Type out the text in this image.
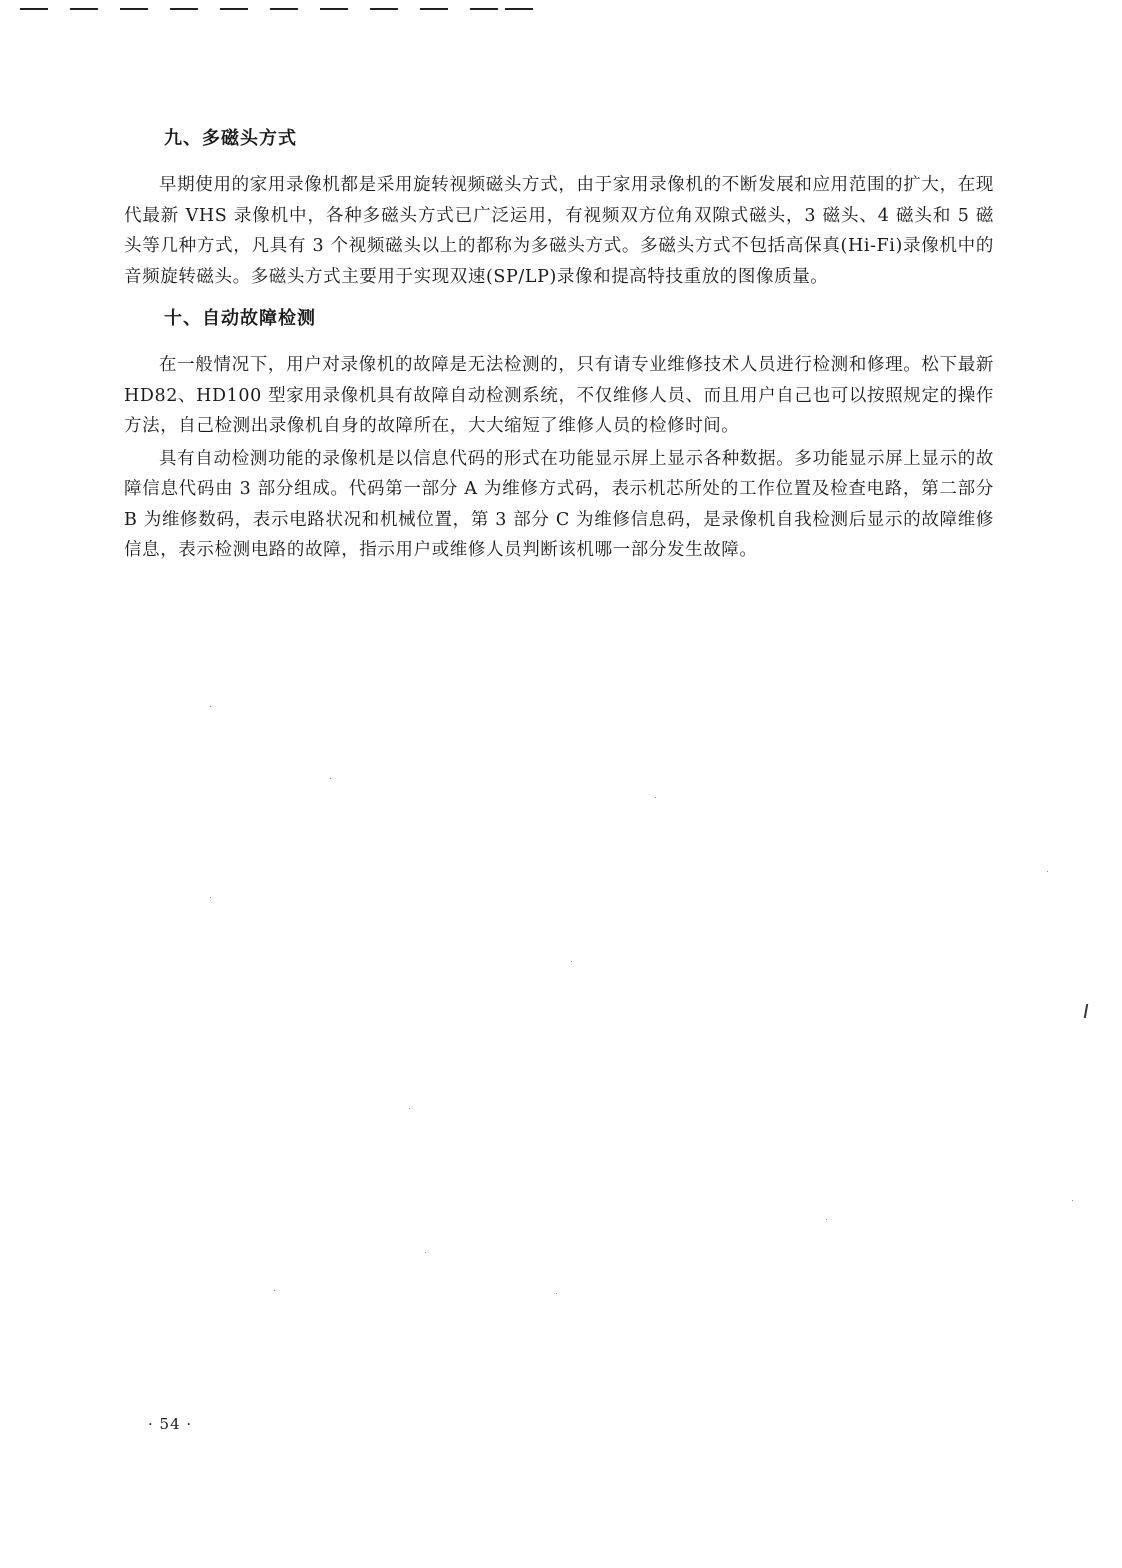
九、多磁头方式

早期使用的家用录像机都是采用旋转视频磁头方式，由于家用录像机的不断发展和应用范围的扩大，在现代最新 VHS 录像机中，各种多磁头方式已广泛运用，有视频双方位角双隙式磁头，3 磁头、4 磁头和 5 磁头等几种方式，凡具有 3 个视频磁头以上的都称为多磁头方式。多磁头方式不包括高保真(Hi-Fi)录像机中的音频旋转磁头。多磁头方式主要用于实现双速(SP/LP)录像和提高特技重放的图像质量。

十、自动故障检测

在一般情况下，用户对录像机的故障是无法检测的，只有请专业维修技术人员进行检测和修理。松下最新 HD82、HD100 型家用录像机具有故障自动检测系统，不仅维修人员、而且用户自己也可以按照规定的操作方法，自己检测出录像机自身的故障所在，大大缩短了维修人员的检修时间。

具有自动检测功能的录像机是以信息代码的形式在功能显示屏上显示各种数据。多功能显示屏上显示的故障信息代码由 3 部分组成。代码第一部分 A 为维修方式码，表示机芯所处的工作位置及检查电路，第二部分 B 为维修数码，表示电路状况和机械位置，第 3 部分 C 为维修信息码，是录像机自我检测后显示的故障维修信息，表示检测电路的故障，指示用户或维修人员判断该机哪一部分发生故障。

· 54 ·
